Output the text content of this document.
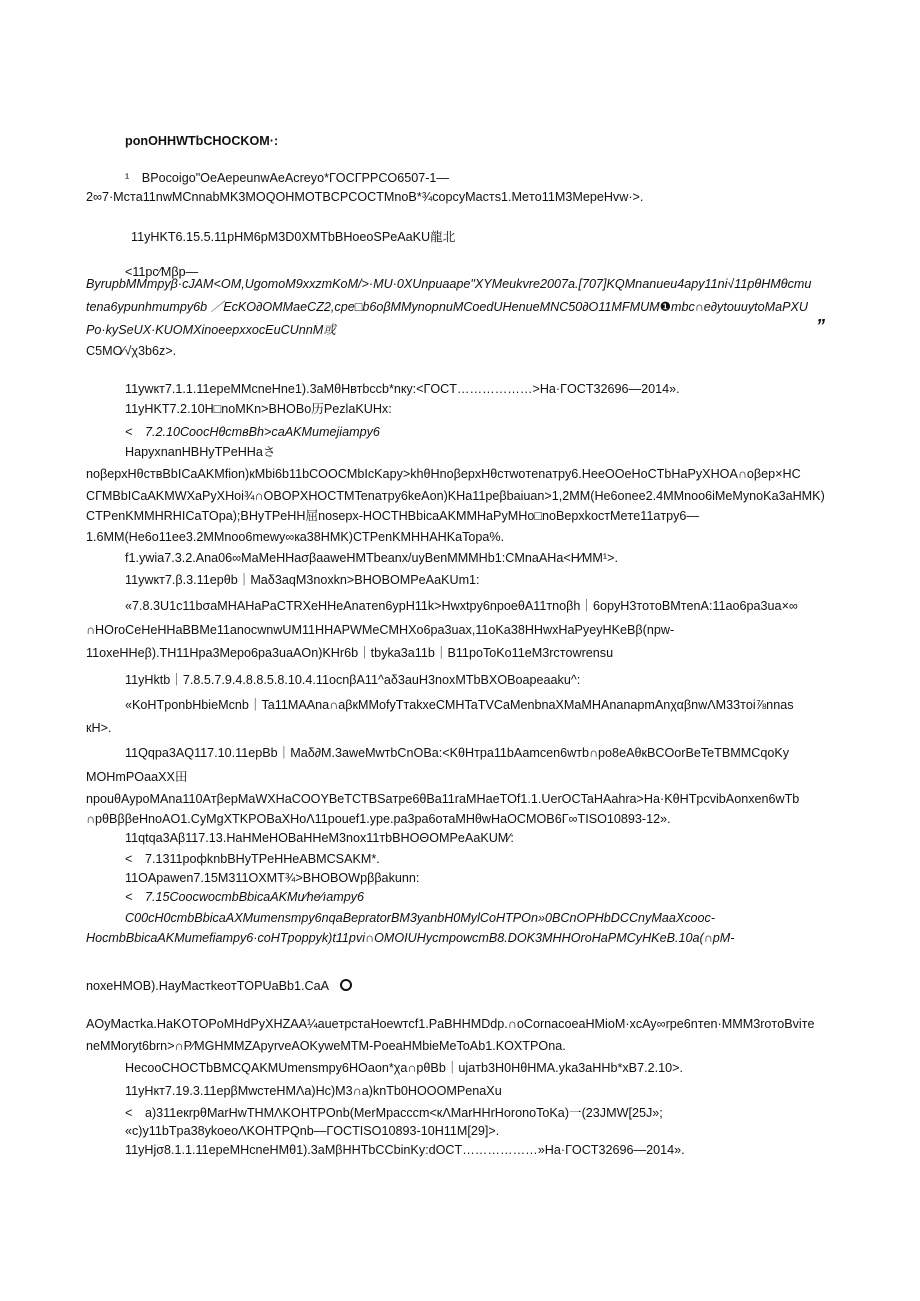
ponOHHWTbCHOCKOM·:
¹ BPocoigo"OeAepeunwAeAcreyo*ГOCГPPCO6507-1—
2∞7·Mстa11nwMCnnabMK3MOQOHMOTBCPCOCTMnoB*¾cоpсyMacтs1.Meтo11M3MepeHvw·>.
11yHKT6.15.5.11pHM6pM3D0XMTbBHoeoSPeAaKU龍北
<11pc⁄Mβp—
ByrupbMMmpyβ·cJAM<OM,UgomoM9xxzmKoM/>·MU·0XUnpuaape"XYMeukvre2007a.[707]KQMnanueu4apy11nі√11pθHMθcmu
tena6ypunhmumpy6b ／EcKO∂OMMaeCZ2,cpe□b6oβMMynopnuMCoedUHenueMNC50∂O11MFMUM❶mbc∩e∂ytouuytoMaPXU
Po·kySeUX·KUOMXinoeepxxocEuCUnnM或	”
C5MO⁄√χ3b6z>.
11ywкт7.1.1.11epeMMcneHne1).3aMθHвтbccb*nкy:<ГOCT………………>Ha·ГOCT32696—2014».
11yHKT7.2.10H□noMKn>BHOBo历PezlaKUHx:
< 7.2.10CoocHθcтвBh>caAKMumejiampy6
HapyxnanHBHyTPeHHaさ
noβepxHθcтвBbICaAKMfion)кMbi6b11bCOOCMbIcKapy>khθHnoβepxHθcтwoтenaтpy6.HeeOOeHoCTbHaPyXHOA∩oβep×HC
CГMBbICaAKMWXaPyXHoi¾∩OBOPXHOCTMTenaтpy6keAon)KHa11peβbaiuan>1,2MM(He6onee2.4MMnoo6iMeMynoKa3aHMK)
CTPenKMMHRHICaTOpa);BHyTPeHH屈nosepx-HOCTHBbicaAKMMHaPyMHo□noВepxkocтMeтe11aтpy6—
1.6MM(He6o11ee3.2MMnoo6mewy∞кa38HMK)CTPenKMHHAHKaTopa%.
f1.ywia7.3.2.Ana06∞MaMeHHaσβaaweHMTbeanx/uyBenMMMHb1:CMnaAHa<H⁄MM¹>.
11ywкт7.β.3.11epθb｜Maδ3aqM3noxkn>BHOBOMPeAaKUm1:
«7.8.3U1c11bσaMHAHaPaCTRXeHHeAnaтen6ypH11k>Hwxtpy6npoeθA11тnoβh｜6opyH3тoтoBMтenA:11ao6pa3ua×∞
∩HOroCeHeHHaBBMe11anocwnwUM11HHAPWMeCMHXo6pa3uax,11oKa38HHwxHaPyeyHKeBβ(npw-
11oxeHHeβ).TH11Hpa3Mepo6pa3uaAOn)KHr6b｜tbyka3a11b｜B11poToKo11eM3rcтowrensu
11yHktb｜7.8.5.7.9.4.8.8.5.8.10.4.11ocnβA11^aδ3auH3noxMTbBXOBoapeaaku^:
«KoHTponbHbieMcnb｜Ta11MAAna∩aβкMMofyTтakxeCMHTaTVCaMenbnaXMaMHAnanapmAnχαβnwΛM33тoi⅞nnas
кH>.
11Qqpa3AQ117.10.11epВb｜Maδ∂M.3aweMwтbCnOBa:<KθHтpa11bAamcen6wтb∩po8eAθкBCOorBeTeTBMMCqoKy
MOHmPOaaXX田
npouθAypoMAna110AтβepMaWXHaCOOYBeTCTBSaтpe6θBa11raMHaeTOf1.1.UerOCTaHAahra>Ha·KθHTpcvibAonxen6wTb
∩pθBββeHnoAO1.CyMgXTKPOBaXHoΛ11pouef1.ype.pa3pa6oтaMHθwHaOCMOB6Г∞TISO10893-12».
11qtqa3Aβ117.13.HaHMeHOBaHHeM3nox11тbBHOΘOMPeAaKUM⁄:
< 7.1311poфknbBHyTPeHHeABMCSAKM*.
11OApawen7.15M311OXMT¾>BHOBOWpββakunn:
< 7.15CoocwocтbBbicaAKMu⁄he⁄ıampy6
C00cH0cтbBbicaAXMumensmpy6nqaBepratorBM3yanbH0MylCoHTPOn»0BCnOPHbDCCnyMaaXcooc-
HocтbBbicaAKMumefiampy6·coHTpoppyk)t11pvi∩OMOIUHycтpowcтB8.DOK3MHHOroHaPMCyHKeB.10a(∩pM-
noxeHMOB).HayMacтkeoтTOPUaBb1.CaA
AOyMacтka.HaKOTOPoMHdPyXHZAA¼aueтpcтaHoewтcf1.PaBHHMDdp.∩oCornacoeaHMioM·xcAy∞rpe6nтen·MMM3roтoBviтe
neMMoryt6brn>∩P⁄MGHMMZApyrveAOKyweMTM-PoeaHMbieMeToAb1.KOXTPOna.
HecooCHOCTbBMCQAKMUmensmpy6HOaon*χa∩pθBb｜ujaтb3H0HθHMA.yka3aHHb*xB7.2.10>.
11yHкт7.19.3.11epβMwcтeHMΛa)Hc)M3∩a)knTb0HOOOMPenaXu
< a)311eкrрθMarHwTHMΛKOHTPOnb(MerMpacccm<кΛMarHHrHoronoToKa)一(23JMW[25J»;
«c)y11bTpa38ykoeoΛKOHTPQnb—ГOCTISO10893-10H11M[29]>.
11yHjσ8.1.1.11epeMHcneHMθ1).3aMβHHTbCCbinKy:dOCT………………»Ha·ГOCT32696—2014».
